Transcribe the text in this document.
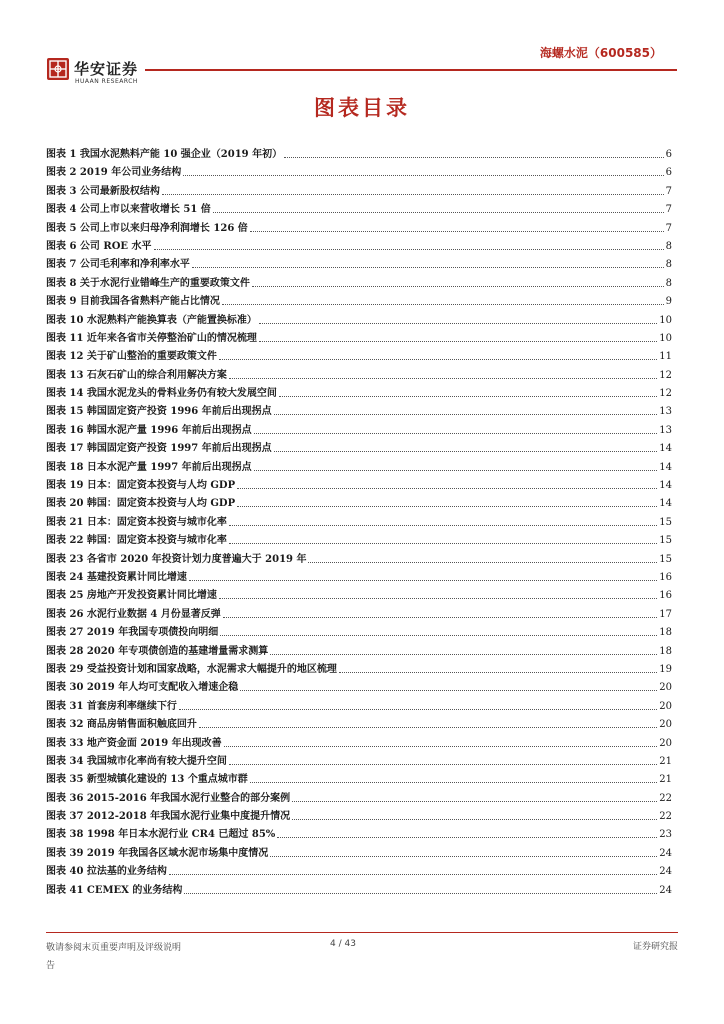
华安证券
HUAAN RESEARCH
海螺水泥（600585）
图表目录
图表 1 我国水泥熟料产能 10 强企业（2019 年初）	6
图表 2 2019 年公司业务结构	6
图表 3 公司最新股权结构	7
图表 4 公司上市以来营收增长 51 倍	7
图表 5 公司上市以来归母净利润增长 126 倍	7
图表 6 公司 ROE 水平	8
图表 7 公司毛利率和净利率水平	8
图表 8 关于水泥行业错峰生产的重要政策文件	8
图表 9 目前我国各省熟料产能占比情况	9
图表 10 水泥熟料产能换算表（产能置换标准）	10
图表 11 近年来各省市关停整治矿山的情况梳理	10
图表 12 关于矿山整治的重要政策文件	11
图表 13 石灰石矿山的综合利用解决方案	12
图表 14 我国水泥龙头的骨料业务仍有较大发展空间	12
图表 15 韩国固定资产投资 1996 年前后出现拐点	13
图表 16 韩国水泥产量 1996 年前后出现拐点	13
图表 17 韩国固定资产投资 1997 年前后出现拐点	14
图表 18 日本水泥产量 1997 年前后出现拐点	14
图表 19 日本：固定资本投资与人均 GDP	14
图表 20 韩国：固定资本投资与人均 GDP	14
图表 21 日本：固定资本投资与城市化率	15
图表 22 韩国：固定资本投资与城市化率	15
图表 23 各省市 2020 年投资计划力度普遍大于 2019 年	15
图表 24 基建投资累计同比增速	16
图表 25 房地产开发投资累计同比增速	16
图表 26 水泥行业数据 4 月份显著反弹	17
图表 27 2019 年我国专项债投向明细	18
图表 28 2020 年专项债创造的基建增量需求测算	18
图表 29 受益投资计划和国家战略，水泥需求大幅提升的地区梳理	19
图表 30 2019 年人均可支配收入增速企稳	20
图表 31 首套房利率继续下行	20
图表 32 商品房销售面积触底回升	20
图表 33 地产资金面 2019 年出现改善	20
图表 34 我国城市化率尚有较大提升空间	21
图表 35 新型城镇化建设的 13 个重点城市群	21
图表 36 2015-2016 年我国水泥行业整合的部分案例	22
图表 37 2012-2018 年我国水泥行业集中度提升情况	22
图表 38 1998 年日本水泥行业 CR4 已超过 85%	23
图表 39 2019 年我国各区域水泥市场集中度情况	24
图表 40 拉法基的业务结构	24
图表 41 CEMEX 的业务结构	24
敬请参阅末页重要声明及评级说明
告
4 / 43	证券研究报
